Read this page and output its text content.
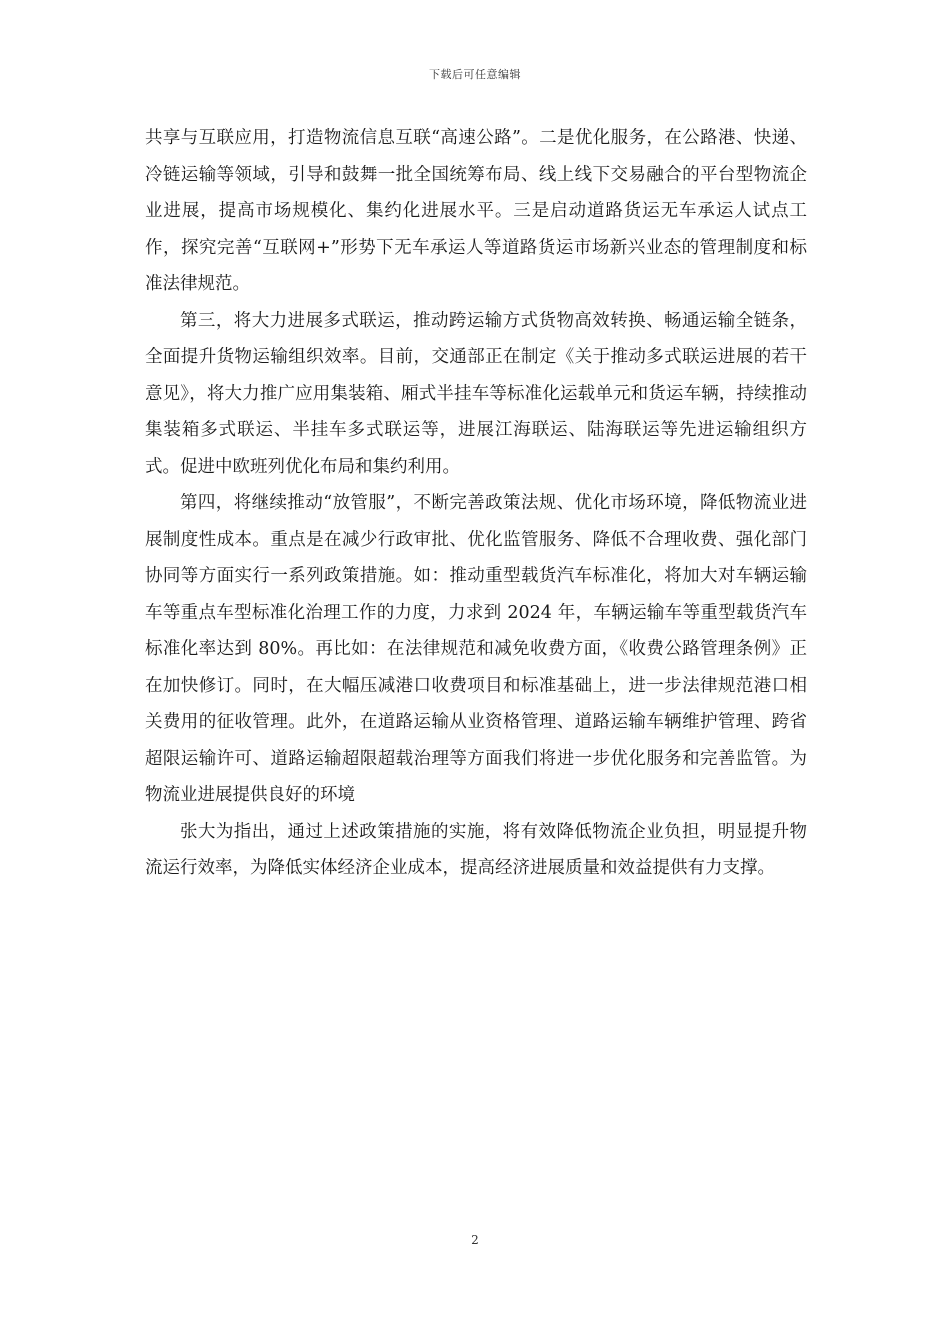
下载后可任意编辑

共享与互联应用，打造物流信息互联“高速公路”。二是优化服务，在公路港、快递、冷链运输等领域，引导和鼓舞一批全国统筹布局、线上线下交易融合的平台型物流企业进展，提高市场规模化、集约化进展水平。三是启动道路货运无车承运人试点工作，探究完善“互联网+”形势下无车承运人等道路货运市场新兴业态的管理制度和标准法律规范。

第三，将大力进展多式联运，推动跨运输方式货物高效转换、畅通运输全链条，全面提升货物运输组织效率。目前，交通部正在制定《关于推动多式联运进展的若干意见》，将大力推广应用集装箱、厢式半挂车等标准化运载单元和货运车辆，持续推动集装箱多式联运、半挂车多式联运等，进展江海联运、陆海联运等先进运输组织方式。促进中欧班列优化布局和集约利用。

第四，将继续推动“放管服”，不断完善政策法规、优化市场环境，降低物流业进展制度性成本。重点是在减少行政审批、优化监管服务、降低不合理收费、强化部门协同等方面实行一系列政策措施。如：推动重型载货汽车标准化，将加大对车辆运输车等重点车型标准化治理工作的力度，力求到 2024 年，车辆运输车等重型载货汽车标准化率达到 80%。再比如：在法律规范和减免收费方面，《收费公路管理条例》正在加快修订。同时，在大幅压减港口收费项目和标准基础上，进一步法律规范港口相关费用的征收管理。此外，在道路运输从业资格管理、道路运输车辆维护管理、跨省超限运输许可、道路运输超限超载治理等方面我们将进一步优化服务和完善监管。为物流业进展提供良好的环境

张大为指出，通过上述政策措施的实施，将有效降低物流企业负担，明显提升物流运行效率，为降低实体经济企业成本，提高经济进展质量和效益提供有力支撑。

2
